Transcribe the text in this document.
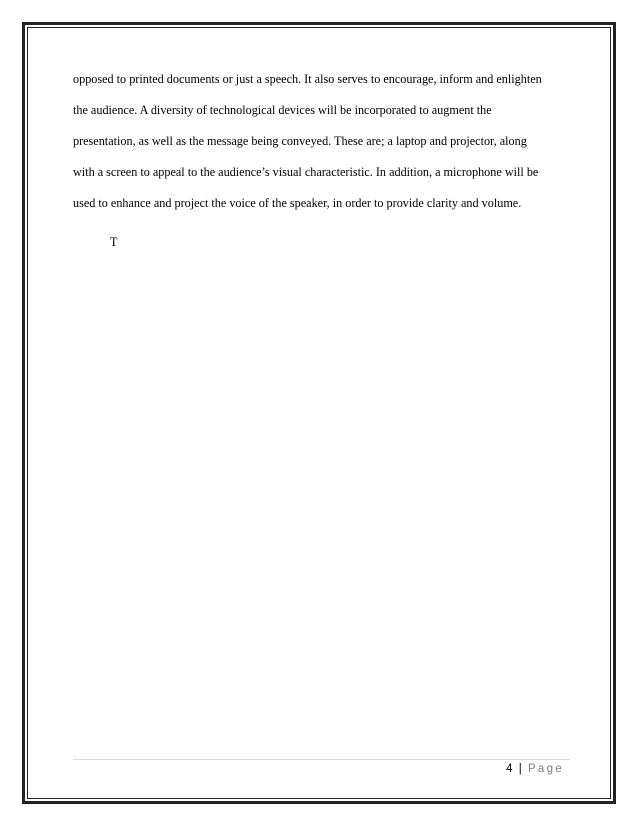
opposed to printed documents or just a speech. It also serves to encourage, inform and enlighten
the audience. A diversity of technological devices will be incorporated to augment the
presentation, as well as the message being conveyed. These are; a laptop and projector, along
with a screen to appeal to the audience’s visual characteristic. In addition, a microphone will be
used to enhance and project the voice of the speaker, in order to provide clarity and volume.

T

4 | Page
